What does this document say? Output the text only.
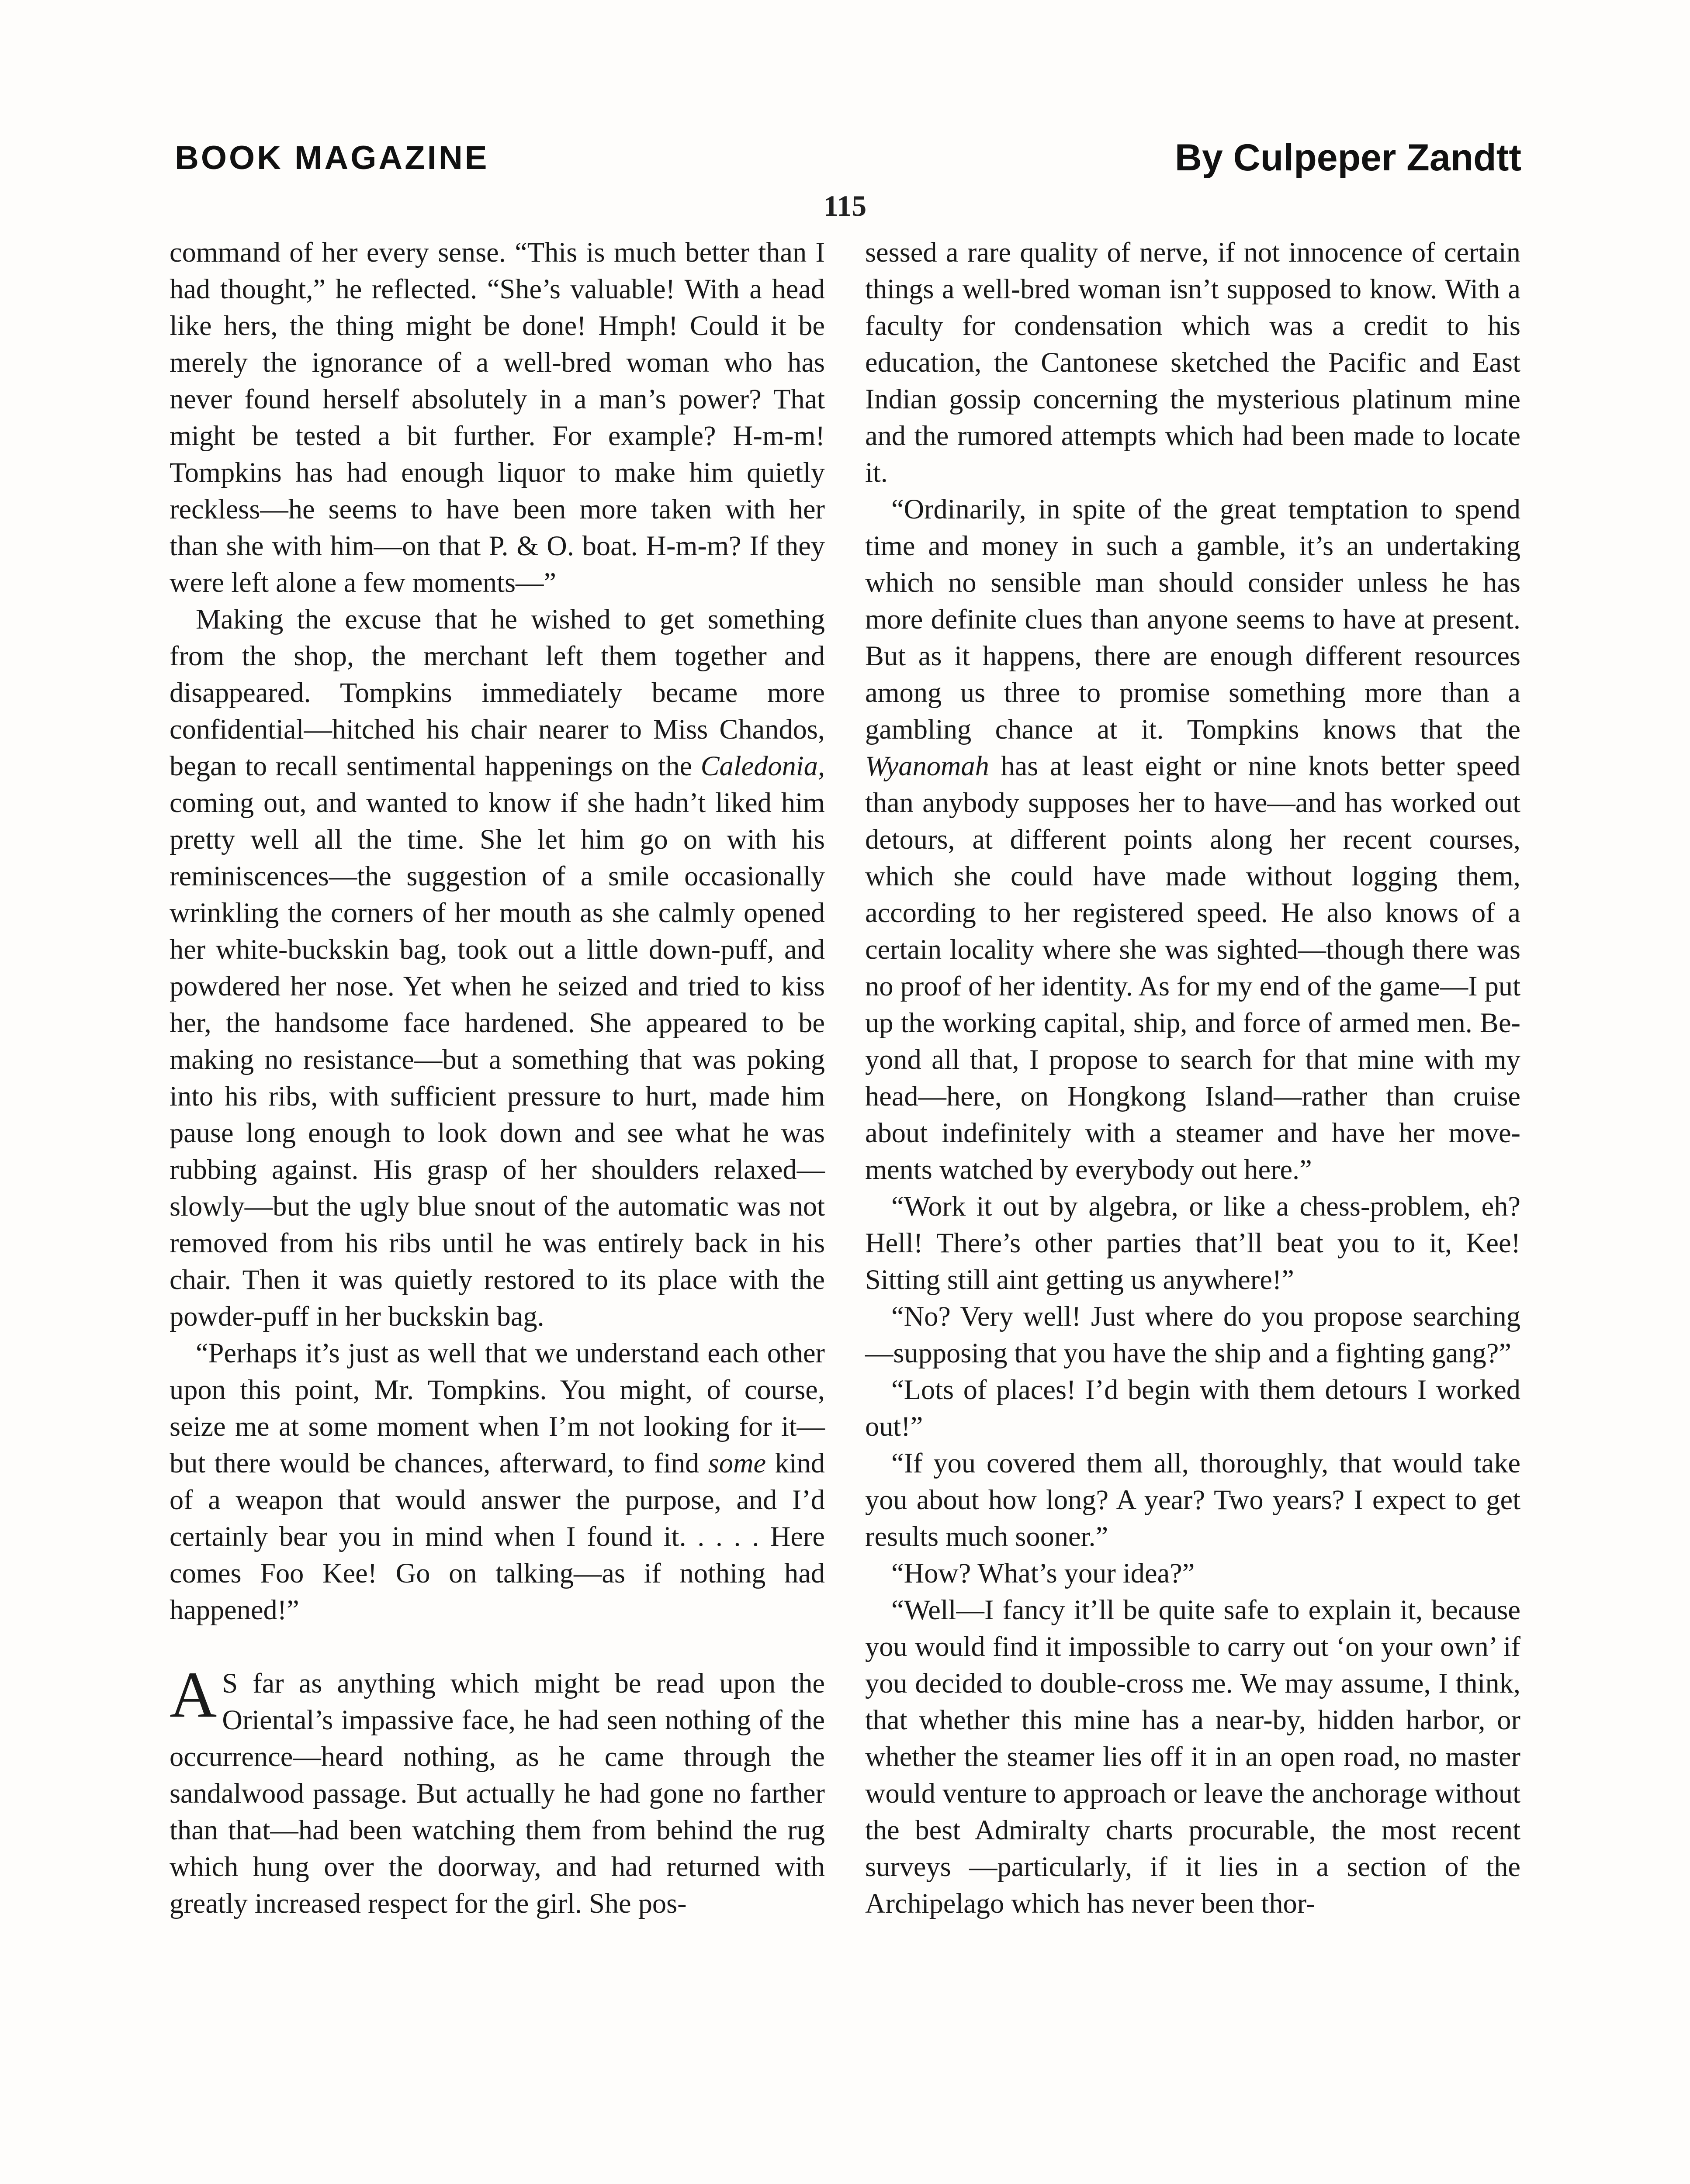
BOOK MAGAZINE	By Culpeper Zandtt
115

command of her every sense. “This is much better than I had thought,” he reflected. “She’s valuable! With a head like hers, the thing might be done! Hmph! Could it be merely the ignorance of a well-bred woman who has never found herself absolutely in a man’s power? That might be tested a bit further. For example? H-m-m! Tompkins has had enough liquor to make him quietly reckless—he seems to have been more taken with her than she with him—on that P. & O. boat. H-m-m? If they were left alone a few moments—”

Making the excuse that he wished to get something from the shop, the merchant left them together and disappeared. Tompkins immediately became more confidential—hitched his chair nearer to Miss Chandos, began to recall sentimental happenings on the Caledonia, coming out, and wanted to know if she hadn’t liked him pretty well all the time. She let him go on with his reminiscences—the suggestion of a smile occasionally wrinkling the corners of her mouth as she calmly opened her white-buckskin bag, took out a little down-puff, and powdered her nose. Yet when he seized and tried to kiss her, the handsome face hardened. She appeared to be making no resistance—but a something that was poking into his ribs, with sufficient pressure to hurt, made him pause long enough to look down and see what he was rubbing against. His grasp of her shoulders relaxed—slowly—but the ugly blue snout of the automatic was not removed from his ribs until he was entirely back in his chair. Then it was quietly restored to its place with the powder-puff in her buckskin bag.

“Perhaps it’s just as well that we understand each other upon this point, Mr. Tompkins. You might, of course, seize me at some moment when I’m not looking for it—but there would be chances, afterward, to find some kind of a weapon that would answer the purpose, and I’d certainly bear you in mind when I found it. . . . . Here comes Foo Kee! Go on talking—as if nothing had happened!”

A S far as anything which might be read upon the Oriental’s impassive face, he had seen nothing of the occurrence—heard nothing, as he came through the sandalwood passage. But actually he had gone no farther than that—had been watching them from behind the rug which hung over the doorway, and had returned with greatly increased respect for the girl. She pos-

sessed a rare quality of nerve, if not innocence of certain things a well-bred woman isn’t supposed to know. With a faculty for condensation which was a credit to his education, the Cantonese sketched the Pacific and East Indian gossip concerning the mysterious platinum mine and the rumored attempts which had been made to locate it.

“Ordinarily, in spite of the great temptation to spend time and money in such a gamble, it’s an undertaking which no sensible man should consider unless he has more definite clues than anyone seems to have at present. But as it happens, there are enough different resources among us three to promise something more than a gambling chance at it. Tompkins knows that the Wyanomah has at least eight or nine knots better speed than anybody supposes her to have—and has worked out detours, at different points along her recent courses, which she could have made without logging them, according to her registered speed. He also knows of a certain locality where she was sighted—though there was no proof of her identity. As for my end of the game—I put up the working capital, ship, and force of armed men. Beyond all that, I propose to search for that mine with my head—here, on Hongkong Island—rather than cruise about indefinitely with a steamer and have her movements watched by everybody out here.”

“Work it out by algebra, or like a chess-problem, eh? Hell! There’s other parties that’ll beat you to it, Kee! Sitting still aint getting us anywhere!”

“No? Very well! Just where do you propose searching—supposing that you have the ship and a fighting gang?”

“Lots of places! I’d begin with them detours I worked out!”

“If you covered them all, thoroughly, that would take you about how long? A year? Two years? I expect to get results much sooner.”

“How? What’s your idea?”

“Well—I fancy it’ll be quite safe to explain it, because you would find it impossible to carry out ‘on your own’ if you decided to double-cross me. We may assume, I think, that whether this mine has a near-by, hidden harbor, or whether the steamer lies off it in an open road, no master would venture to approach or leave the anchorage without the best Admiralty charts procurable, the most recent surveys —particularly, if it lies in a section of the Archipelago which has never been thor-
